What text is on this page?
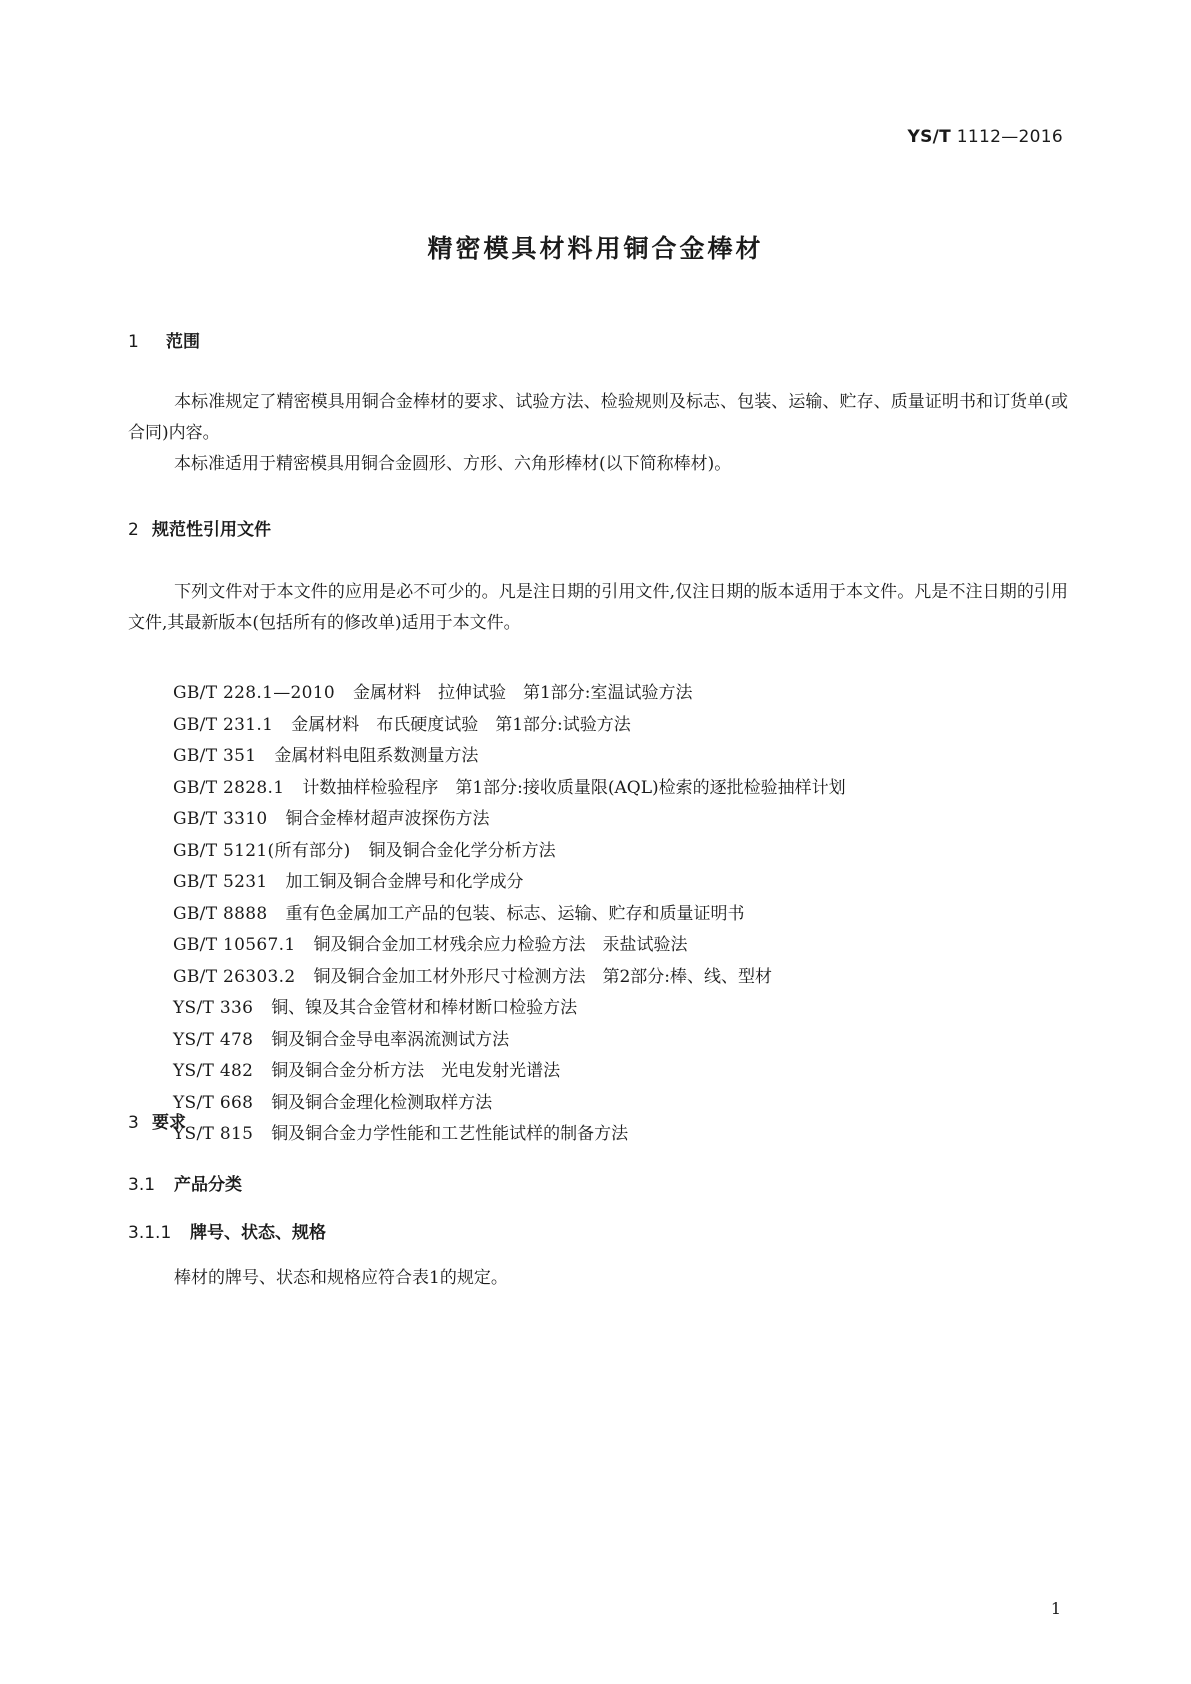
YS/T 1112—2016
精密模具材料用铜合金棒材
1 范围
本标准规定了精密模具用铜合金棒材的要求、试验方法、检验规则及标志、包装、运输、贮存、质量证明书和订货单(或合同)内容。
本标准适用于精密模具用铜合金圆形、方形、六角形棒材(以下简称棒材)。
2 规范性引用文件
下列文件对于本文件的应用是必不可少的。凡是注日期的引用文件,仅注日期的版本适用于本文件。凡是不注日期的引用文件,其最新版本(包括所有的修改单)适用于本文件。
GB/T 228.1—2010 金属材料　拉伸试验　第1部分:室温试验方法
GB/T 231.1 金属材料　布氏硬度试验　第1部分:试验方法
GB/T 351 金属材料电阻系数测量方法
GB/T 2828.1 计数抽样检验程序　第1部分:接收质量限(AQL)检索的逐批检验抽样计划
GB/T 3310 铜合金棒材超声波探伤方法
GB/T 5121(所有部分) 铜及铜合金化学分析方法
GB/T 5231 加工铜及铜合金牌号和化学成分
GB/T 8888 重有色金属加工产品的包装、标志、运输、贮存和质量证明书
GB/T 10567.1 铜及铜合金加工材残余应力检验方法　汞盐试验法
GB/T 26303.2 铜及铜合金加工材外形尺寸检测方法　第2部分:棒、线、型材
YS/T 336 铜、镍及其合金管材和棒材断口检验方法
YS/T 478 铜及铜合金导电率涡流测试方法
YS/T 482 铜及铜合金分析方法　光电发射光谱法
YS/T 668 铜及铜合金理化检测取样方法
YS/T 815 铜及铜合金力学性能和工艺性能试样的制备方法
3 要求
3.1 产品分类
3.1.1 牌号、状态、规格
棒材的牌号、状态和规格应符合表1的规定。
1
